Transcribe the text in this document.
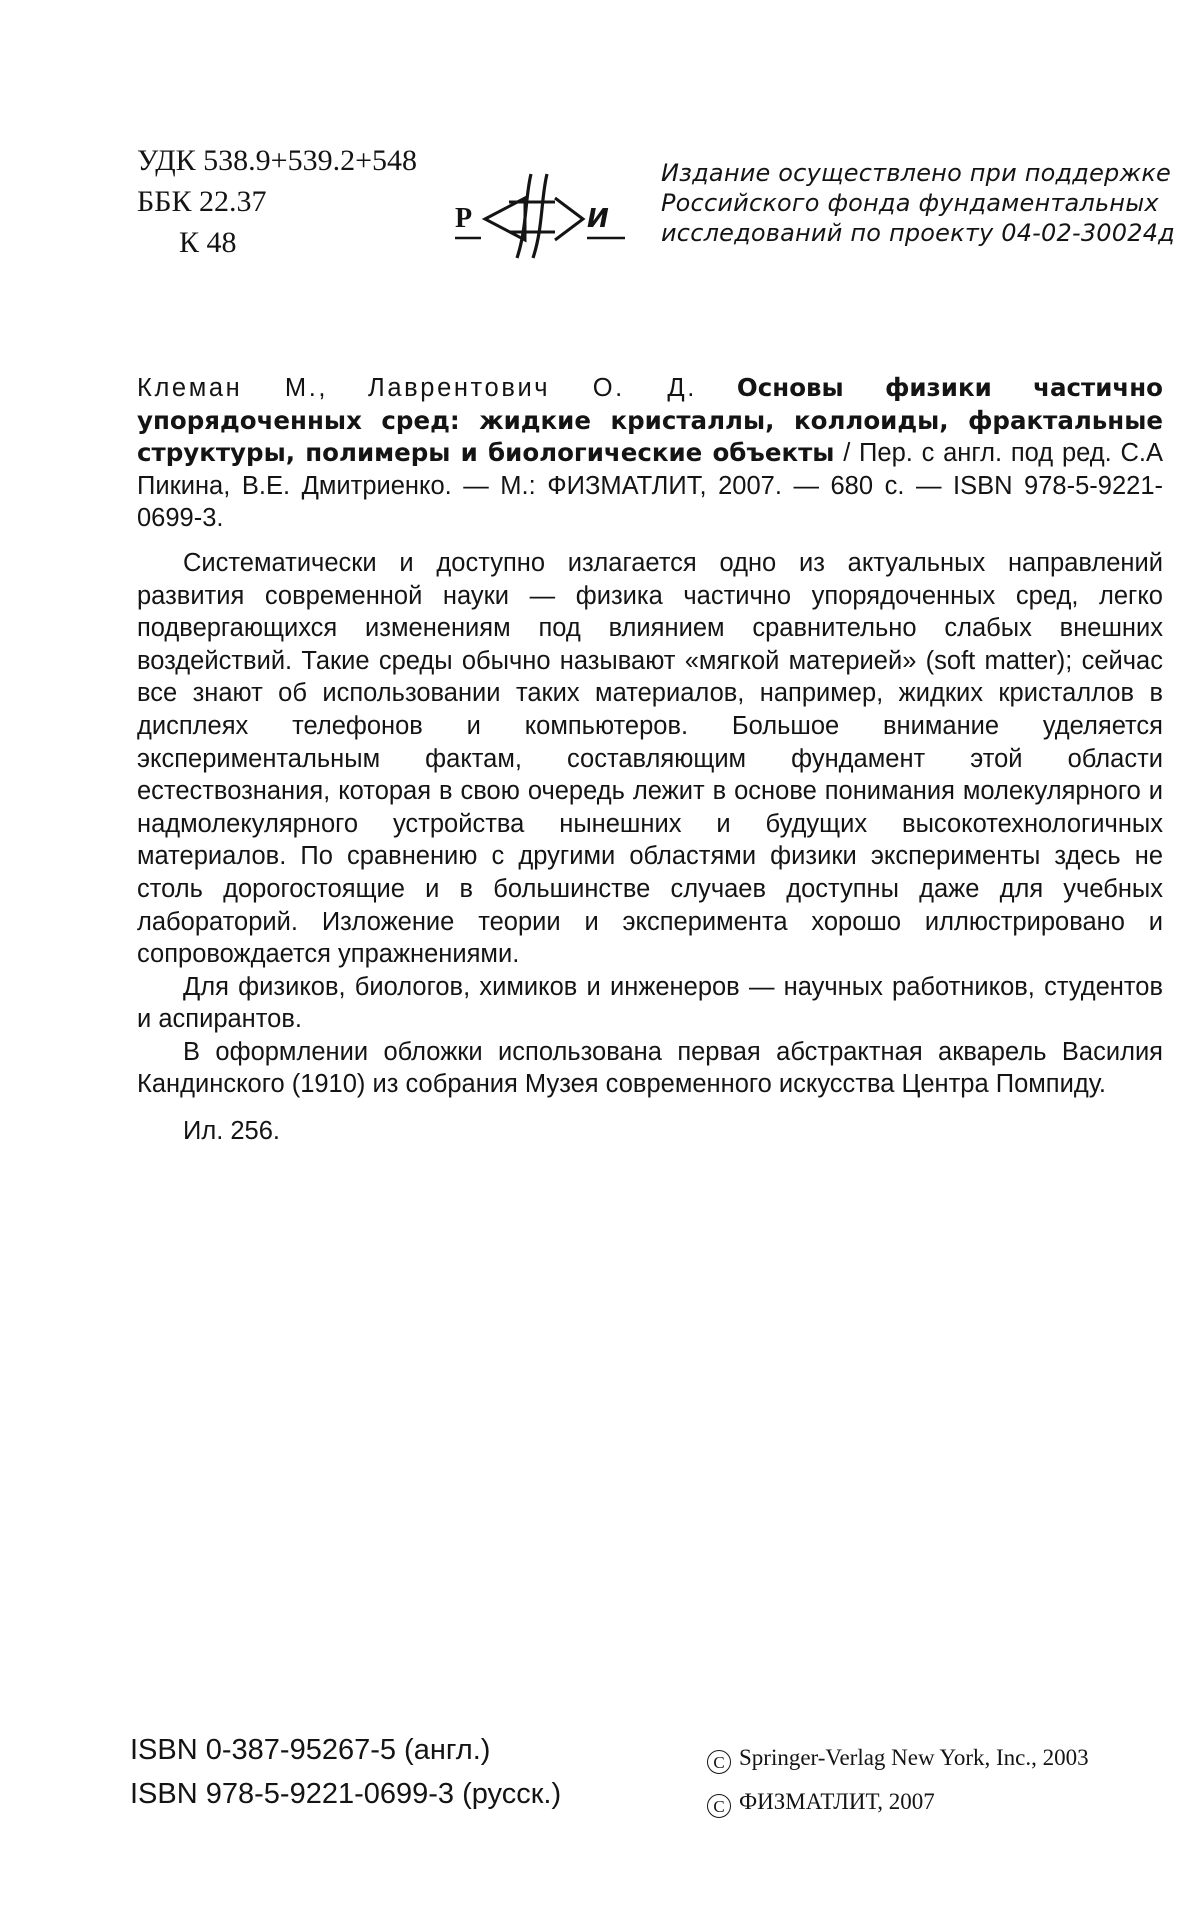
УДК 538.9+539.2+548
ББК 22.37
К 48
Р	И
Издание осуществлено при поддержке
Российского фонда фундаментальных
исследований по проекту 04-02-30024д

Клеман М., Лаврентович О. Д. Основы физики частично упорядоченных сред: жидкие кристаллы, коллоиды, фрактальные структуры, полимеры и биологические объекты / Пер. с англ. под ред. С.А Пикина, В.Е. Дмитриенко. — М.: ФИЗМАТЛИТ, 2007. — 680 с. — ISBN 978-5-9221-0699-3.

Систематически и доступно излагается одно из актуальных направлений развития современной науки — физика частично упорядоченных сред, легко подвергающихся изменениям под влиянием сравнительно слабых внешних воздействий. Такие среды обычно называют «мягкой материей» (soft matter); сейчас все знают об использовании таких материалов, например, жидких кристаллов в дисплеях телефонов и компьютеров. Большое внимание уделяется экспериментальным фактам, составляющим фундамент этой области естествознания, которая в свою очередь лежит в основе понимания молекулярного и надмолекулярного устройства нынешних и будущих высокотехнологичных материалов. По сравнению с другими областями физики эксперименты здесь не столь дорогостоящие и в большинстве случаев доступны даже для учебных лабораторий. Изложение теории и эксперимента хорошо иллюстрировано и сопровождается упражнениями.

Для физиков, биологов, химиков и инженеров — научных работников, студентов и аспирантов.

В оформлении обложки использована первая абстрактная акварель Василия Кандинского (1910) из собрания Музея современного искусства Центра Помпиду.

Ил. 256.

ISBN 0-387-95267-5 (англ.)
ISBN 978-5-9221-0699-3 (русск.)
C Springer-Verlag New York, Inc., 2003
C ФИЗМАТЛИТ, 2007
